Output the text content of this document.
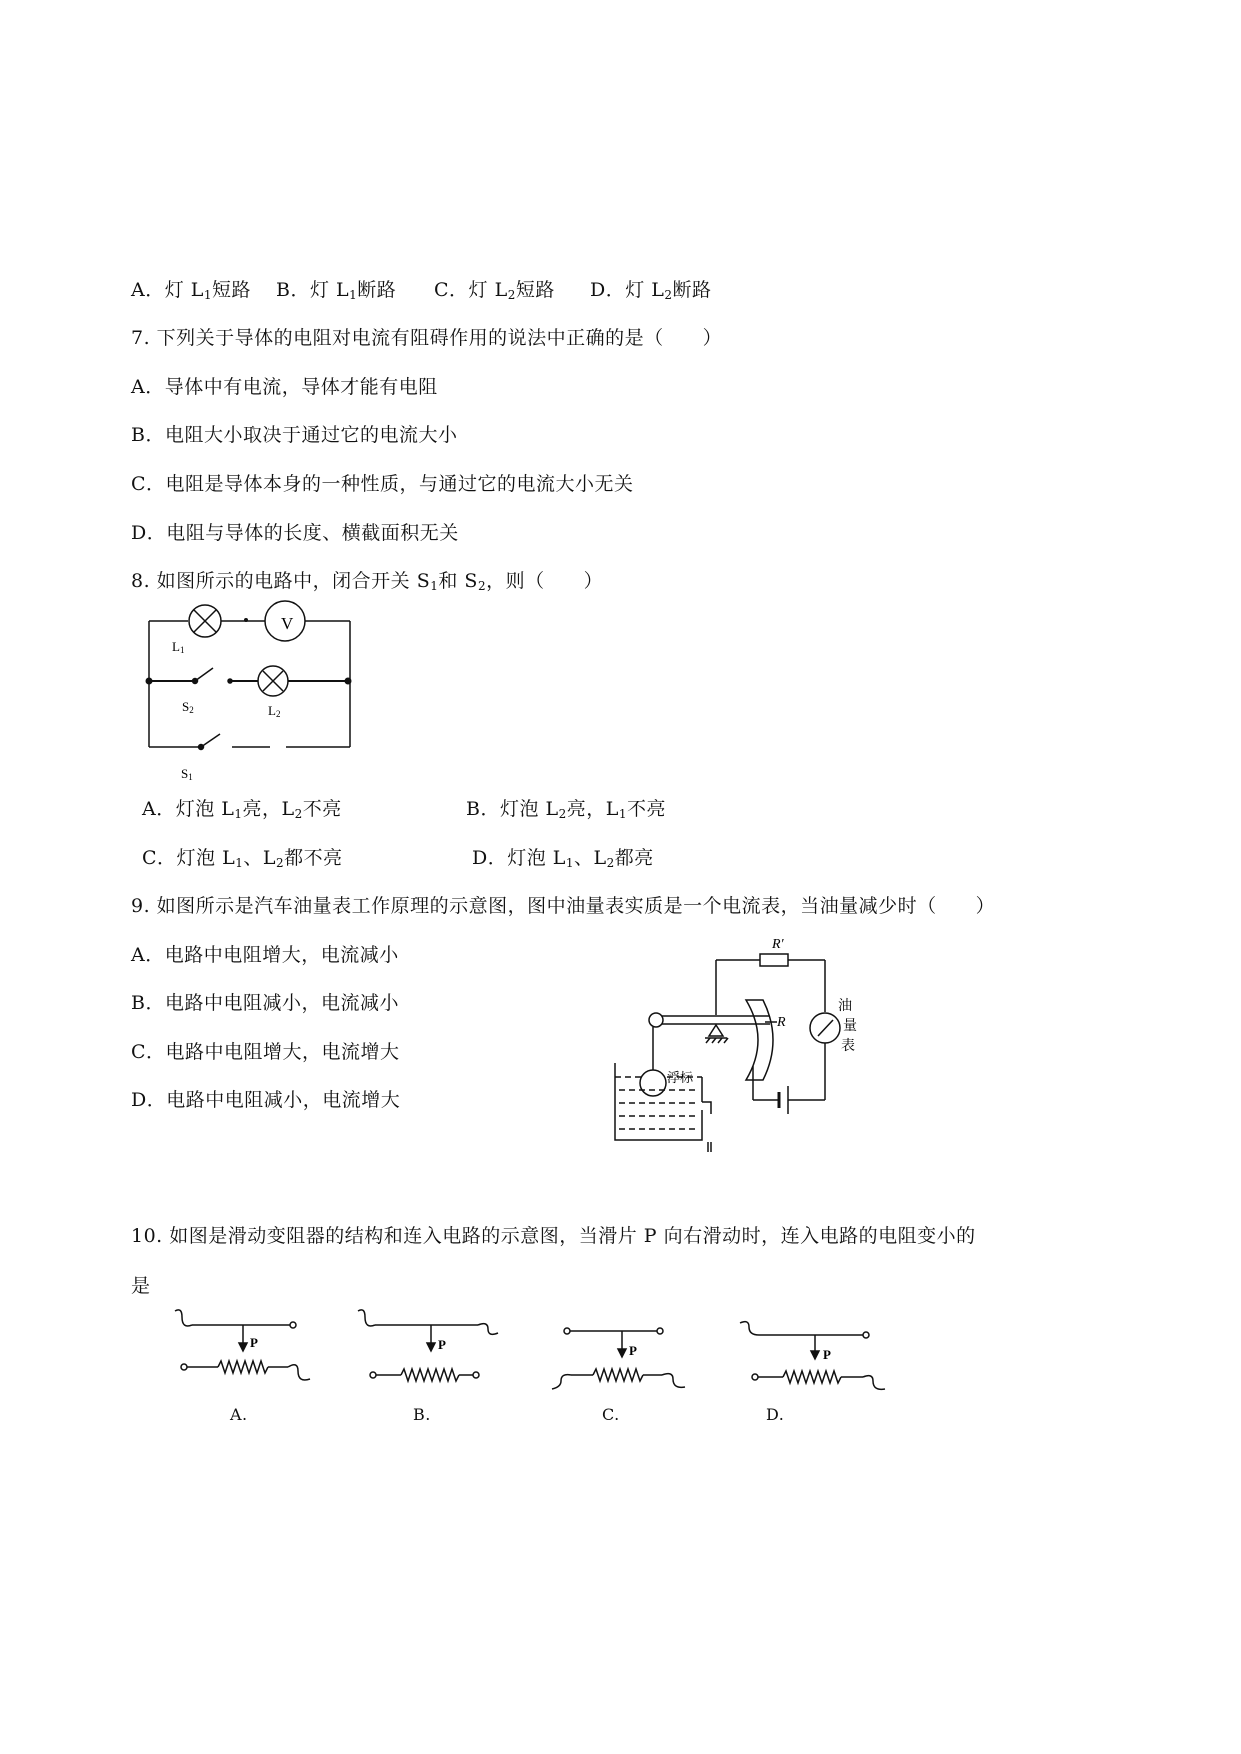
A．灯 $L_1$短路 B．灯 $L_1$断路 C．灯 $L_2$短路 D．灯 $L_2$断路
7. 下列关于导体的电阻对电流有阻碍作用的说法中正确的是（　　）
A．导体中有电流，导体才能有电阻
B．电阻大小取决于通过它的电流大小
C．电阻是导体本身的一种性质，与通过它的电流大小无关
D．电阻与导体的长度、横截面积无关
8. 如图所示的电路中，闭合开关 $S_1$和 $S_2$，则（　　）
V
L1
S2	L2
S1
A．灯泡 $L_1$亮，$L_2$不亮	B．灯泡 $L_2$亮，$L_1$不亮
C．灯泡 $L_1$、$L_2$都不亮	D．灯泡 $L_1$、$L_2$都亮
9. 如图所示是汽车油量表工作原理的示意图，图中油量表实质是一个电流表，当油量减少时（　　）
A．电路中电阻增大，电流减小
B．电路中电阻减小，电流减小
C．电路中电阻增大，电流增大
D．电路中电阻减小，电流增大
R′
R
油
量
表
浮标
10. 如图是滑动变阻器的结构和连入电路的示意图，当滑片 P 向右滑动时，连入电路的电阻变小的
是
P
A.
P
B.
P
C.
P
D.
